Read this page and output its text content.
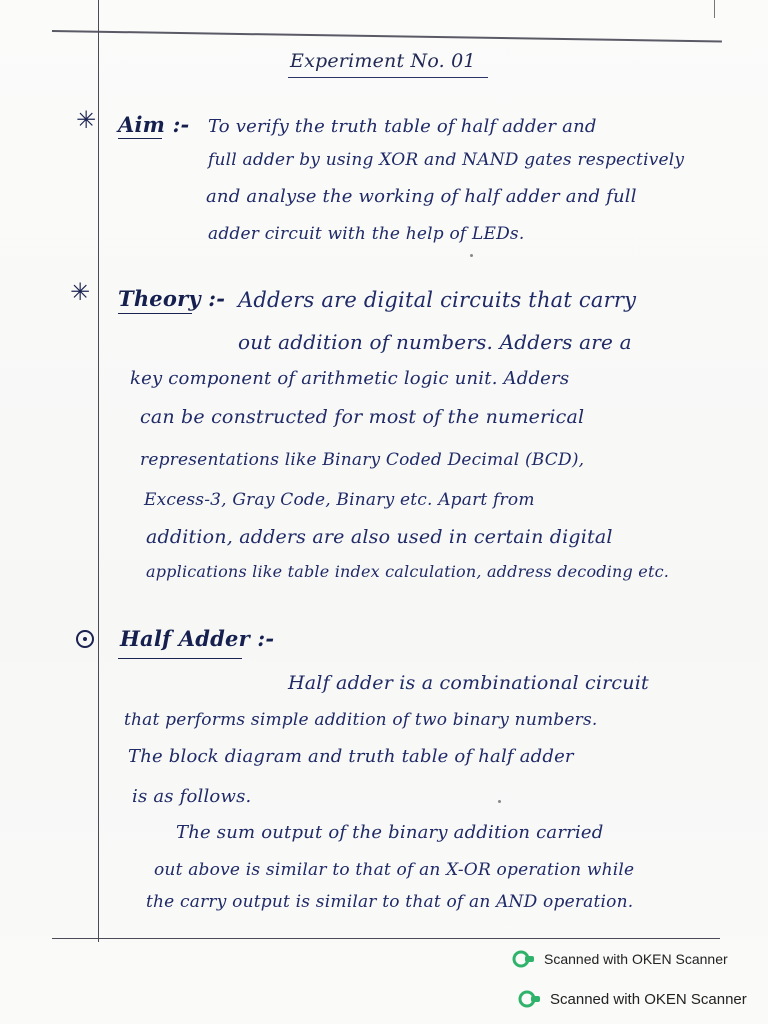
Experiment No. 01
✳ Aim :- To verify the truth table of half adder and
full adder by using XOR and NAND gates respectively
and analyse the working of half adder and full
adder circuit with the help of LEDs.
✳ Theory :- Adders are digital circuits that carry
out addition of numbers. Adders are a
key component of arithmetic logic unit. Adders
can be constructed for most of the numerical
representations like Binary Coded Decimal (BCD),
Excess-3, Gray Code, Binary etc. Apart from
addition, adders are also used in certain digital
applications like table index calculation, address decoding etc.
Half Adder :-
Half adder is a combinational circuit
that performs simple addition of two binary numbers.
The block diagram and truth table of half adder
is as follows.
The sum output of the binary addition carried
out above is similar to that of an X-OR operation while
the carry output is similar to that of an AND operation.
Scanned with OKEN Scanner
Scanned with OKEN Scanner
